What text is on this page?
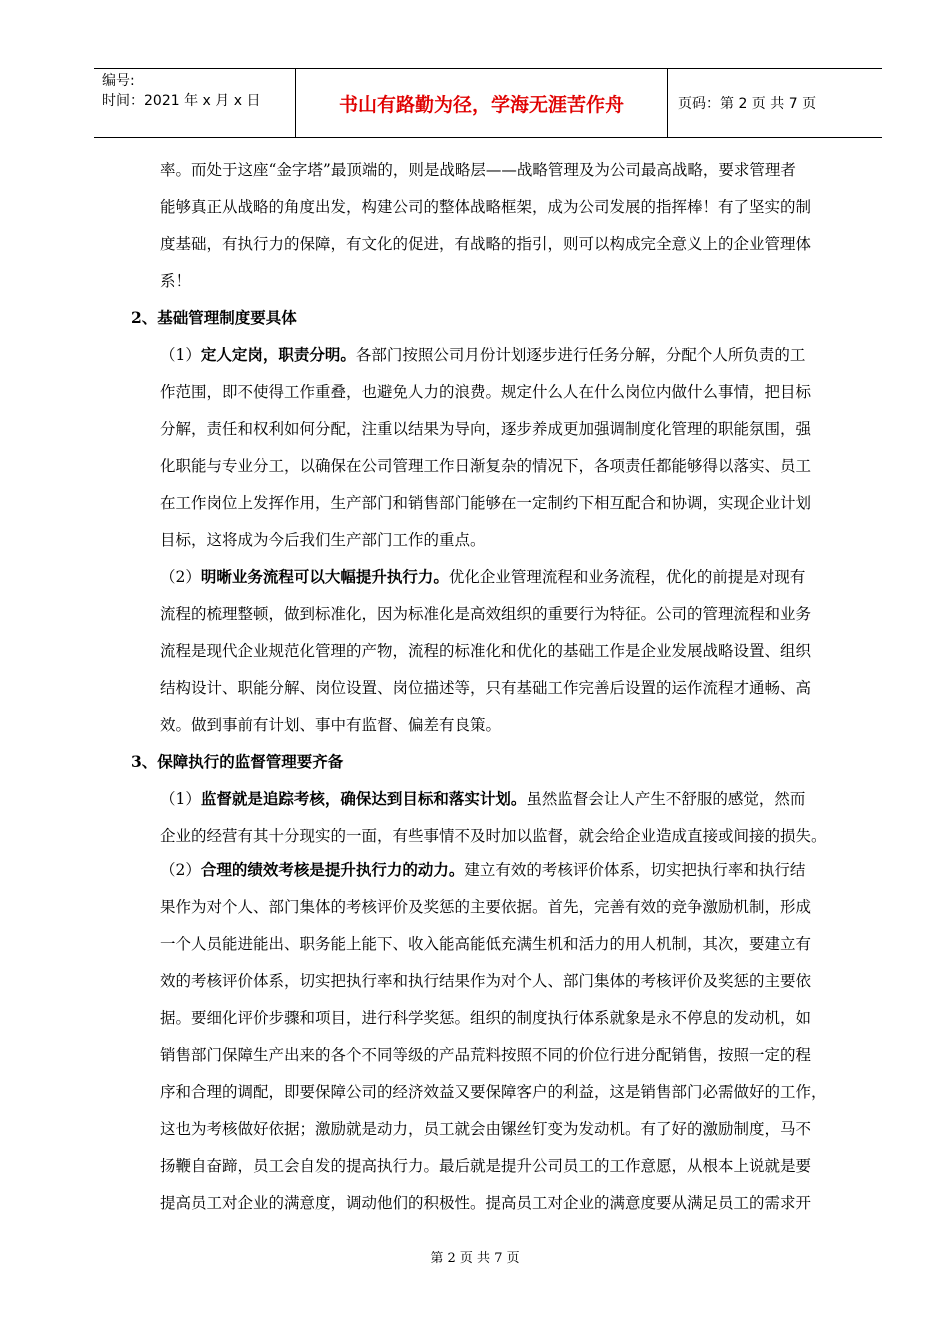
编号:
时间：2021 年 x 月 x 日	书山有路勤为径，学海无涯苦作舟	页码：第 2 页 共 7 页
率。而处于这座“金字塔”最顶端的，则是战略层——战略管理及为公司最高战略，要求管理者
能够真正从战略的角度出发，构建公司的整体战略框架，成为公司发展的指挥棒！有了坚实的制
度基础，有执行力的保障，有文化的促进，有战略的指引，则可以构成完全意义上的企业管理体
系！
2、基础管理制度要具体
（1）定人定岗，职责分明。各部门按照公司月份计划逐步进行任务分解，分配个人所负责的工
作范围，即不使得工作重叠，也避免人力的浪费。规定什么人在什么岗位内做什么事情，把目标
分解，责任和权利如何分配，注重以结果为导向，逐步养成更加强调制度化管理的职能氛围，强
化职能与专业分工，以确保在公司管理工作日渐复杂的情况下，各项责任都能够得以落实、员工
在工作岗位上发挥作用，生产部门和销售部门能够在一定制约下相互配合和协调，实现企业计划
目标，这将成为今后我们生产部门工作的重点。
（2）明晰业务流程可以大幅提升执行力。优化企业管理流程和业务流程，优化的前提是对现有
流程的梳理整顿，做到标准化，因为标准化是高效组织的重要行为特征。公司的管理流程和业务
流程是现代企业规范化管理的产物，流程的标准化和优化的基础工作是企业发展战略设置、组织
结构设计、职能分解、岗位设置、岗位描述等，只有基础工作完善后设置的运作流程才通畅、高
效。做到事前有计划、事中有监督、偏差有良策。
3、保障执行的监督管理要齐备
（1）监督就是追踪考核，确保达到目标和落实计划。虽然监督会让人产生不舒服的感觉，然而
企业的经营有其十分现实的一面，有些事情不及时加以监督，就会给企业造成直接或间接的损失。
（2）合理的绩效考核是提升执行力的动力。建立有效的考核评价体系，切实把执行率和执行结
果作为对个人、部门集体的考核评价及奖惩的主要依据。首先，完善有效的竞争激励机制，形成
一个人员能进能出、职务能上能下、收入能高能低充满生机和活力的用人机制，其次，要建立有
效的考核评价体系，切实把执行率和执行结果作为对个人、部门集体的考核评价及奖惩的主要依
据。要细化评价步骤和项目，进行科学奖惩。组织的制度执行体系就象是永不停息的发动机，如
销售部门保障生产出来的各个不同等级的产品荒料按照不同的价位行进分配销售，按照一定的程
序和合理的调配，即要保障公司的经济效益又要保障客户的利益，这是销售部门必需做好的工作，
这也为考核做好依据；激励就是动力，员工就会由镙丝钉变为发动机。有了好的激励制度，马不
扬鞭自奋蹄，员工会自发的提高执行力。最后就是提升公司员工的工作意愿，从根本上说就是要
提高员工对企业的满意度，调动他们的积极性。提高员工对企业的满意度要从满足员工的需求开
第 2 页 共 7 页
